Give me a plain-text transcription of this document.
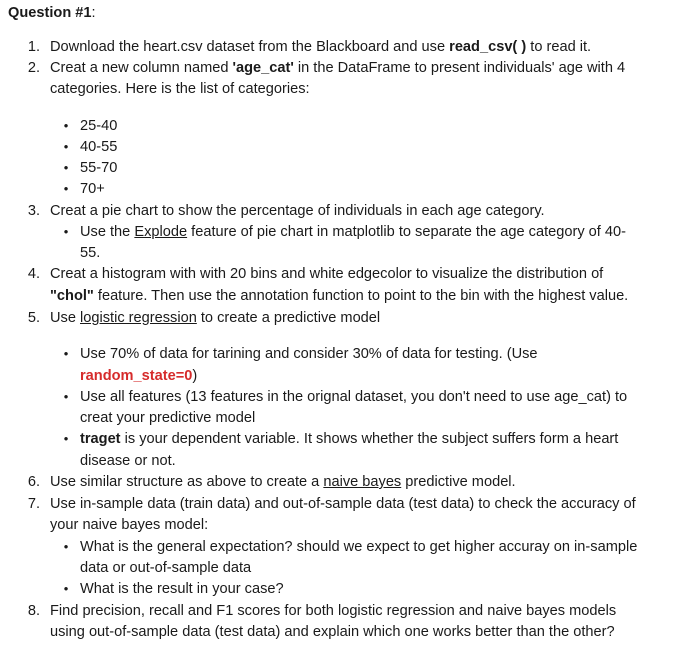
Question #1:
1. Download the heart.csv dataset from the Blackboard and use read_csv( ) to read it.
2. Creat a new column named 'age_cat' in the DataFrame to present individuals' age with 4
categories. Here is the list of categories:
• 25-40
• 40-55
• 55-70
• 70+
3. Creat a pie chart to show the percentage of individuals in each age category.
• Use the Explode feature of pie chart in matplotlib to separate the age category of 40-
55.
4. Creat a histogram with with 20 bins and white edgecolor to visualize the distribution of
"chol" feature. Then use the annotation function to point to the bin with the highest value.
5. Use logistic regression to create a predictive model
• Use 70% of data for tarining and consider 30% of data for testing. (Use
random_state=0)
• Use all features (13 features in the orignal dataset, you don't need to use age_cat) to
creat your predictive model
• traget is your dependent variable. It shows whether the subject suffers form a heart
disease or not.
6. Use similar structure as above to create a naive bayes predictive model.
7. Use in-sample data (train data) and out-of-sample data (test data) to check the accuracy of
your naive bayes model:
• What is the general expectation? should we expect to get higher accuray on in-sample
data or out-of-sample data
• What is the result in your case?
8. Find precision, recall and F1 scores for both logistic regression and naive bayes models
using out-of-sample data (test data) and explain which one works better than the other?
